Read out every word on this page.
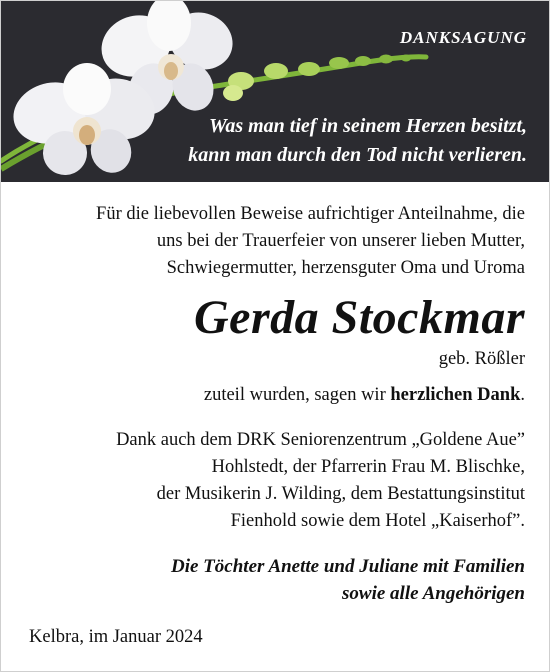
DANKSAGUNG
Was man tief in seinem Herzen besitzt,
kann man durch den Tod nicht verlieren.
Für die liebevollen Beweise aufrichtiger Anteilnahme, die
uns bei der Trauerfeier von unserer lieben Mutter,
Schwiegermutter, herzensguter Oma und Uroma
Gerda Stockmar
geb. Rößler
zuteil wurden, sagen wir herzlichen Dank.
Dank auch dem DRK Seniorenzentrum „Goldene Aue”
Hohlstedt, der Pfarrerin Frau M. Blischke,
der Musikerin J. Wilding, dem Bestattungsinstitut
Fienhold sowie dem Hotel „Kaiserhof”.
Die Töchter Anette und Juliane mit Familien
sowie alle Angehörigen
Kelbra, im Januar 2024
